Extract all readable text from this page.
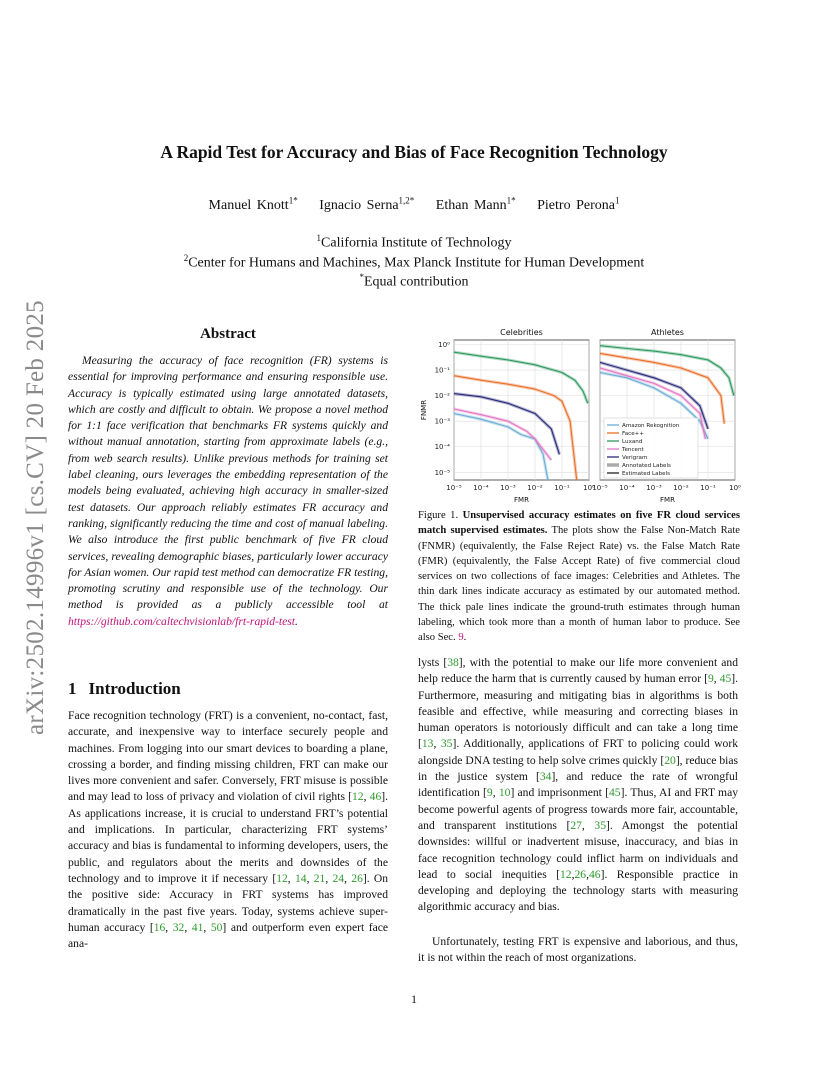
arXiv:2502.14996v1 [cs.CV] 20 Feb 2025
A Rapid Test for Accuracy and Bias of Face Recognition Technology
Manuel Knott$^{1*}$ Ignacio Serna$^{1,2*}$ Ethan Mann$^{1*}$ Pietro Perona$^1$
$^1$California Institute of Technology
$^2$Center for Humans and Machines, Max Planck Institute for Human Development
*Equal contribution
Abstract

Measuring the accuracy of face recognition (FR) systems is essential for improving performance and ensuring responsible use. Accuracy is typically estimated using large annotated datasets, which are costly and difficult to obtain. We propose a novel method for 1:1 face verification that benchmarks FR systems quickly and without manual annotation, starting from approximate labels (e.g., from web search results). Unlike previous methods for training set label cleaning, ours leverages the embedding representation of the models being evaluated, achieving high accuracy in smaller-sized test datasets. Our approach reliably estimates FR accuracy and ranking, significantly reducing the time and cost of manual labeling. We also introduce the first public benchmark of five FR cloud services, revealing demographic biases, particularly lower accuracy for Asian women. Our rapid test method can democratize FR testing, promoting scrutiny and responsible use of the technology. Our method is provided as a publicly accessible tool at https://github.com/caltechvisionlab/frt-rapid-test.

1 Introduction

Face recognition technology (FRT) is a convenient, no-contact, fast, accurate, and inexpensive way to interface securely people and machines. From logging into our smart devices to boarding a plane, crossing a border, and finding missing children, FRT can make our lives more convenient and safer. Conversely, FRT misuse is possible and may lead to loss of privacy and violation of civil rights [12, 46]. As applications increase, it is crucial to understand FRT’s potential and implications. In particular, characterizing FRT systems’ accuracy and bias is fundamental to informing developers, users, the public, and regulators about the merits and downsides of the technology and to improve it if necessary [12, 14, 21, 24, 26]. On the positive side: Accuracy in FRT systems has improved dramatically in the past five years. Today, systems achieve super-human accuracy [16, 32, 41, 50] and outperform even expert face ana-

lysts [38], with the potential to make our life more convenient and help reduce the harm that is currently caused by human error [9, 45]. Furthermore, measuring and mitigating bias in algorithms is both feasible and effective, while measuring and correcting biases in human operators is notoriously difficult and can take a long time [13, 35]. Additionally, applications of FRT to policing could work alongside DNA testing to help solve crimes quickly [20], reduce bias in the justice system [34], and reduce the rate of wrongful identification [9, 10] and imprisonment [45]. Thus, AI and FRT may become powerful agents of progress towards more fair, accountable, and transparent institutions [27, 35]. Amongst the potential downsides: willful or inadvertent misuse, inaccuracy, and bias in face recognition technology could inflict harm on individuals and lead to social inequities [12,26,46]. Responsible practice in developing and deploying the technology starts with measuring algorithmic accuracy and bias.

Unfortunately, testing FRT is expensive and laborious, and thus, it is not within the reach of most organizations.

10⁻⁵ 10⁻⁴ 10⁻³ 10⁻² 10⁻¹ 10⁰
10⁰
10⁻¹
10⁻²
10⁻³
10⁻⁴
10⁻⁵
Celebrities
FMR
FNMR
10⁻⁵ 10⁻⁴ 10⁻³ 10⁻² 10⁻¹ 10⁰
Athletes
FMR
Amazon Rekognition
Face++
Luxand
Tencent
Verigram
Annotated Labels
Estimated Labels

Figure 1. Unsupervised accuracy estimates on five FR cloud services match supervised estimates. The plots show the False Non-Match Rate (FNMR) (equivalently, the False Reject Rate) vs. the False Match Rate (FMR) (equivalently, the False Accept Rate) of five commercial cloud services on two collections of face images: Celebrities and Athletes. The thin dark lines indicate accuracy as estimated by our automated method. The thick pale lines indicate the ground-truth estimates through human labeling, which took more than a month of human labor to produce. See also Sec. 9.

1
